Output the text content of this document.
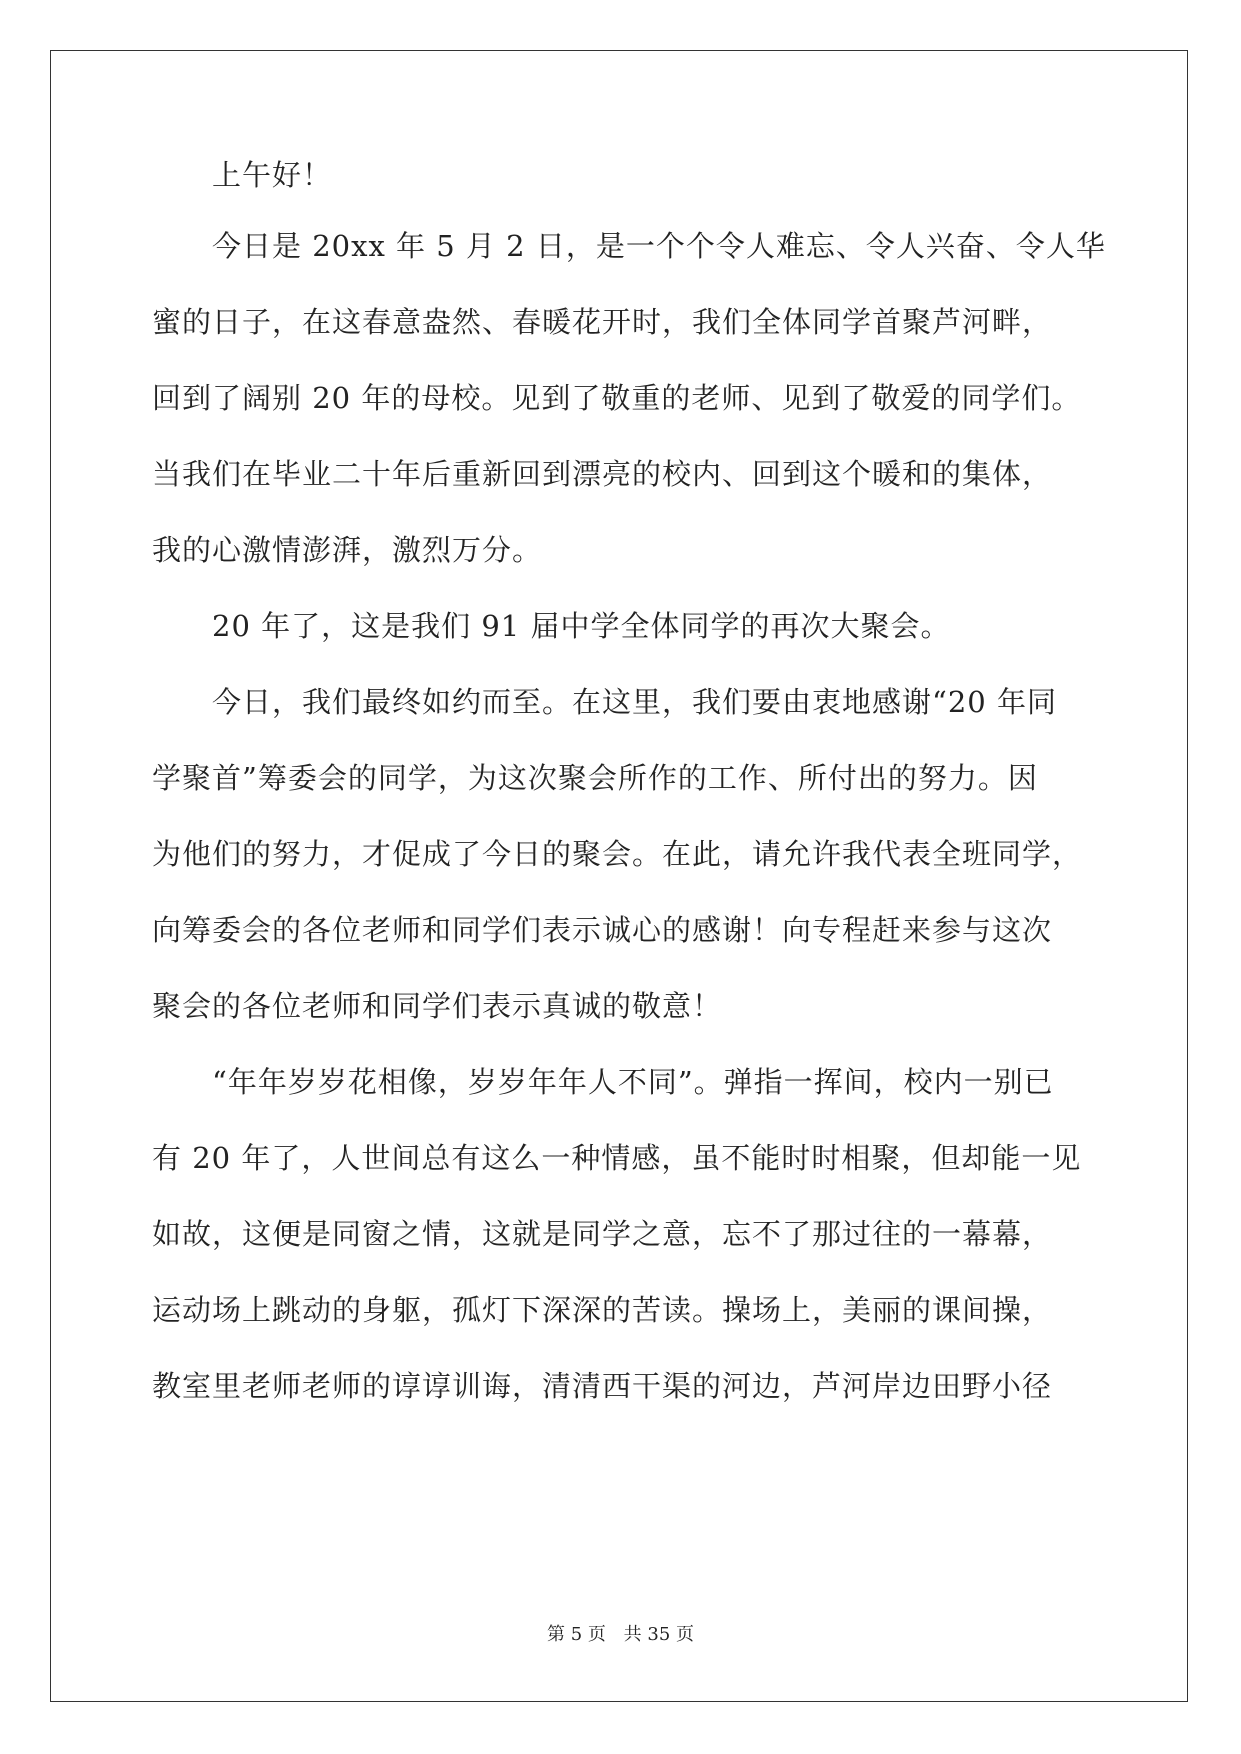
上午好！
今日是 20xx 年 5 月 2 日，是一个个令人难忘、令人兴奋、令人华
蜜的日子，在这春意盎然、春暖花开时，我们全体同学首聚芦河畔，
回到了阔别 20 年的母校。见到了敬重的老师、见到了敬爱的同学们。
当我们在毕业二十年后重新回到漂亮的校内、回到这个暖和的集体，
我的心激情澎湃，激烈万分。
20 年了，这是我们 91 届中学全体同学的再次大聚会。
今日，我们最终如约而至。在这里，我们要由衷地感谢“20 年同
学聚首”筹委会的同学，为这次聚会所作的工作、所付出的努力。因
为他们的努力，才促成了今日的聚会。在此，请允许我代表全班同学，
向筹委会的各位老师和同学们表示诚心的感谢！向专程赶来参与这次
聚会的各位老师和同学们表示真诚的敬意！
“年年岁岁花相像，岁岁年年人不同”。弹指一挥间，校内一别已
有 20 年了，人世间总有这么一种情感，虽不能时时相聚，但却能一见
如故，这便是同窗之情，这就是同学之意，忘不了那过往的一幕幕，
运动场上跳动的身躯，孤灯下深深的苦读。操场上，美丽的课间操，
教室里老师老师的谆谆训诲，清清西干渠的河边，芦河岸边田野小径
第 5 页 共 35 页
